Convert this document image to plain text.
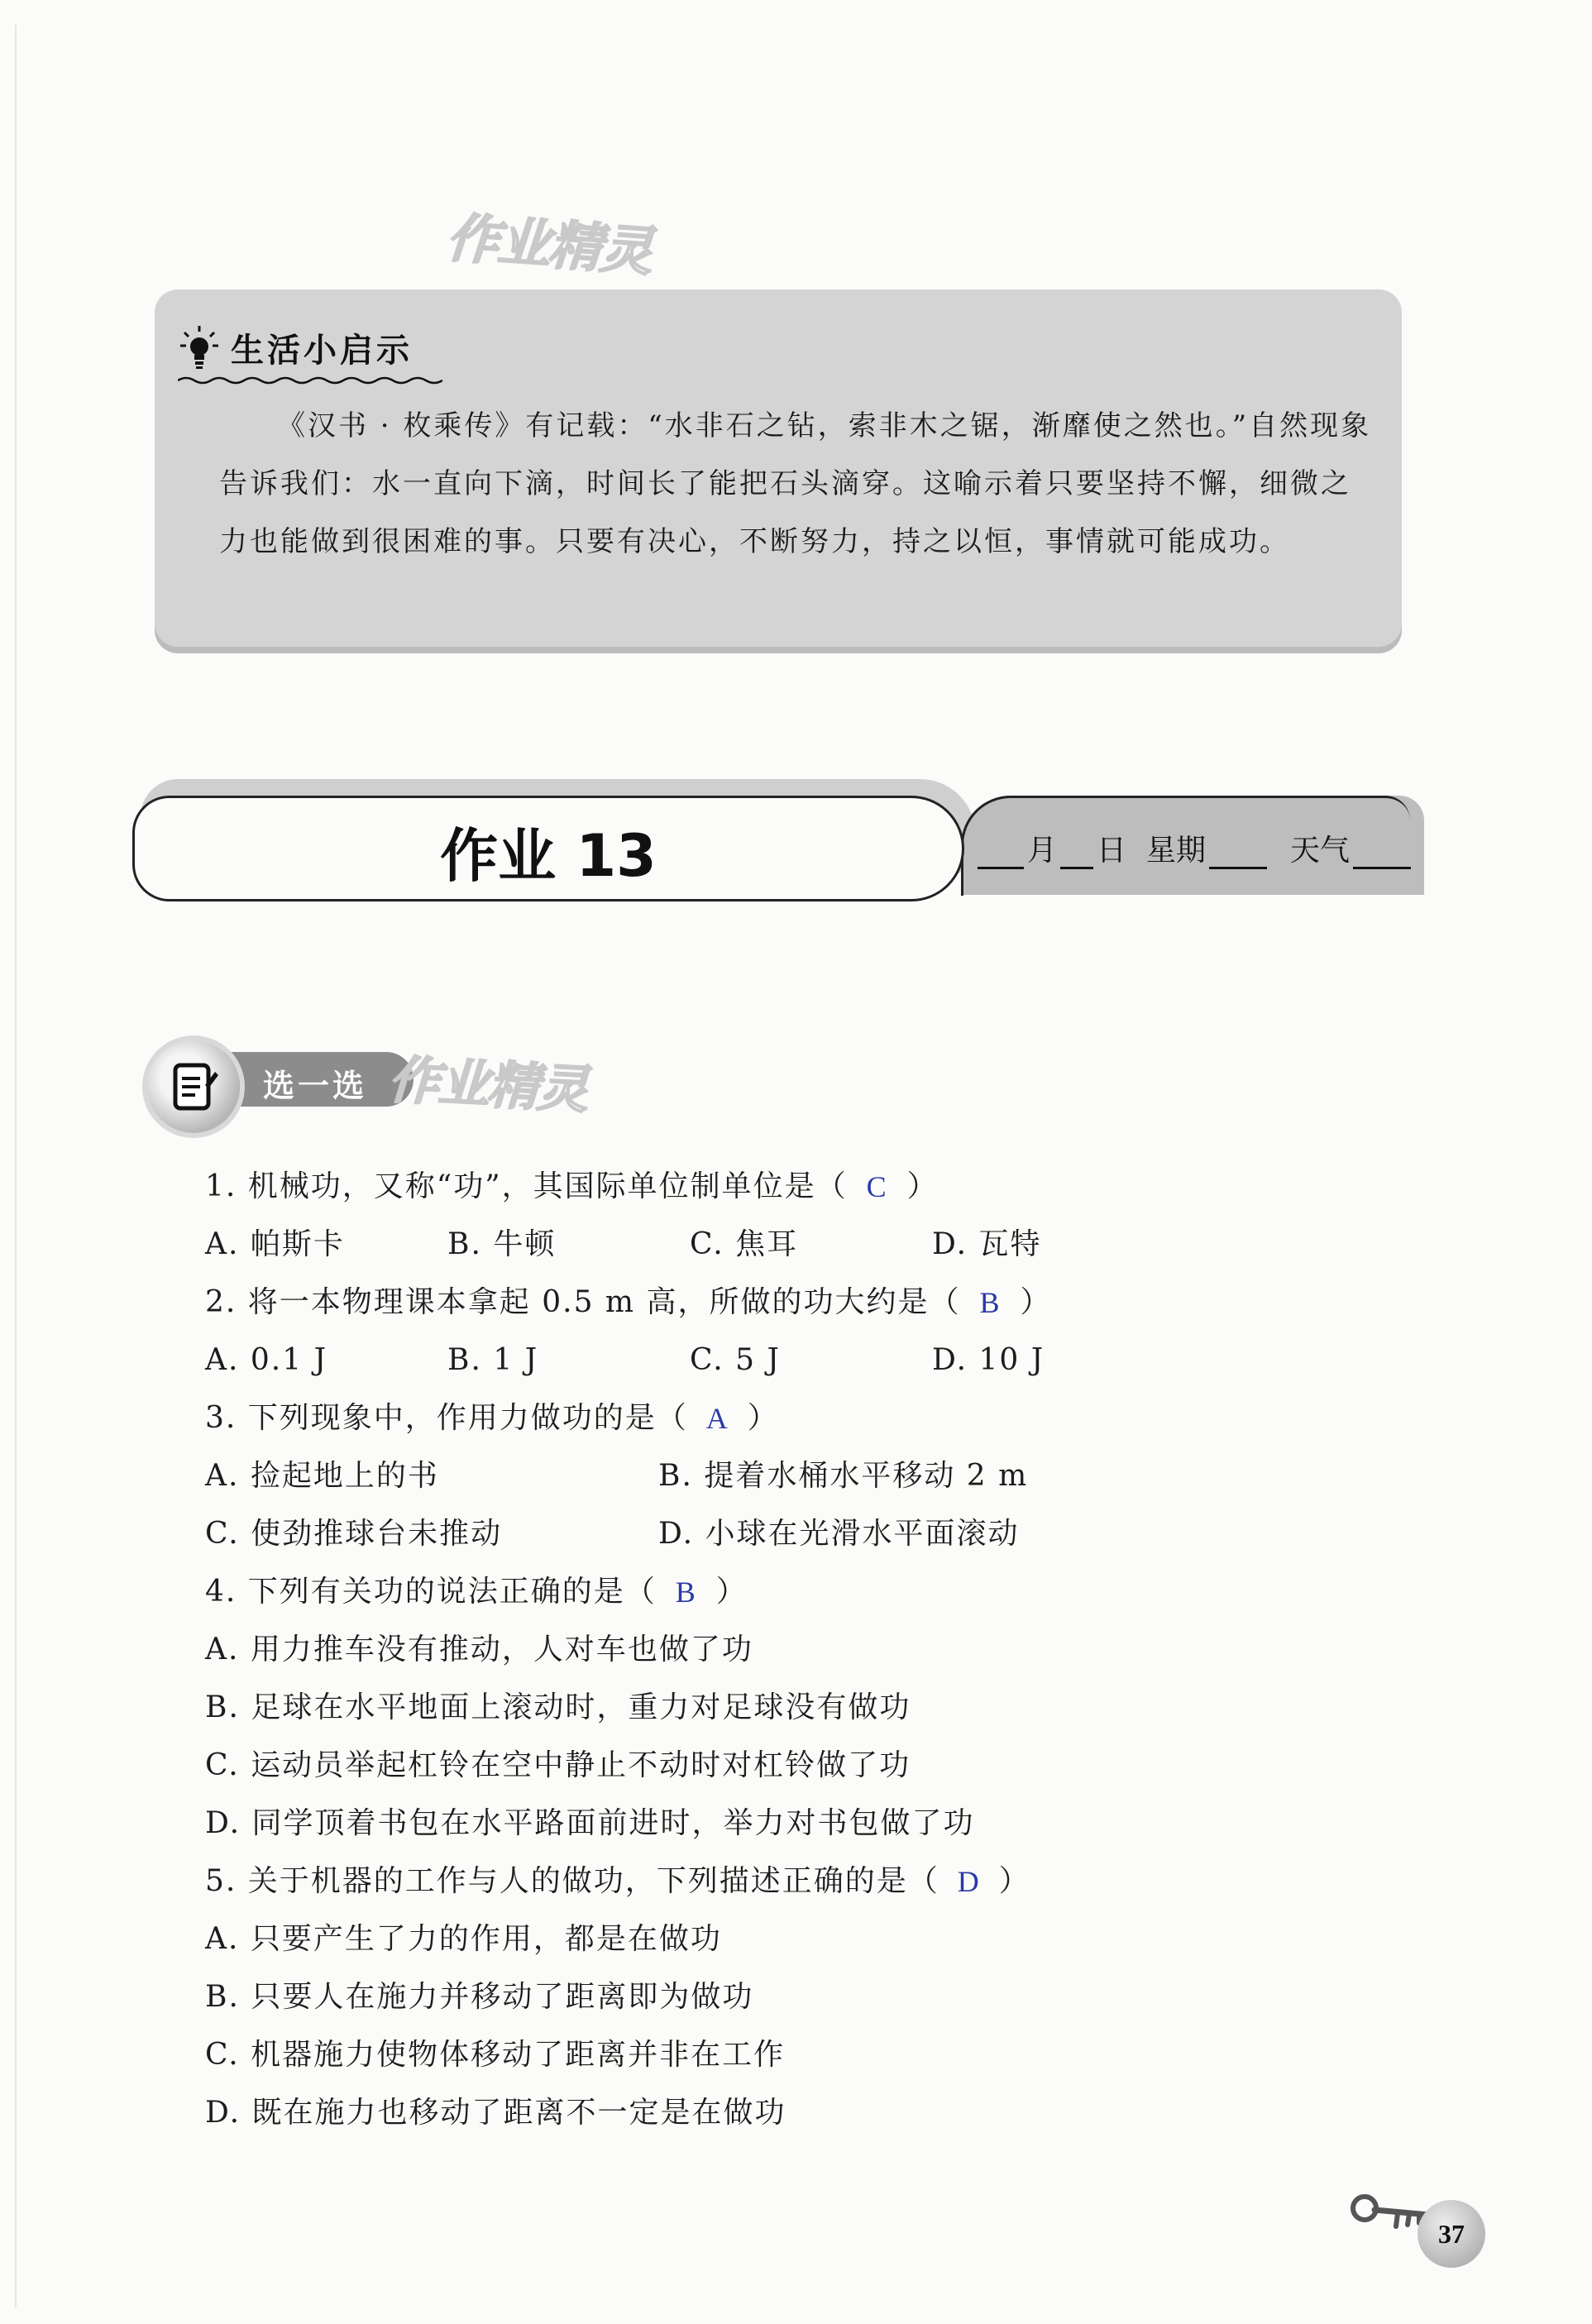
作业精灵
生活小启示
《汉书 · 枚乘传》有记载：“水非石之钻，索非木之锯，渐靡使之然也。”自然现象告诉我们：水一直向下滴，时间长了能把石头滴穿。这喻示着只要坚持不懈，细微之力也能做到很困难的事。只要有决心，不断努力，持之以恒，事情就可能成功。
作业 13	月 日 星期	天气
选一选 作业精灵
1. 机械功，又称“功”，其国际单位制单位是（ C ）
A. 帕斯卡	B. 牛顿	C. 焦耳	D. 瓦特
2. 将一本物理课本拿起 0.5 m 高，所做的功大约是（ B ）
A. 0.1 J	B. 1 J	C. 5 J	D. 10 J
3. 下列现象中，作用力做功的是（ A ）
A. 捡起地上的书	B. 提着水桶水平移动 2 m
C. 使劲推球台未推动	D. 小球在光滑水平面滚动
4. 下列有关功的说法正确的是（ B ）
A. 用力推车没有推动，人对车也做了功
B. 足球在水平地面上滚动时，重力对足球没有做功
C. 运动员举起杠铃在空中静止不动时对杠铃做了功
D. 同学顶着书包在水平路面前进时，举力对书包做了功
5. 关于机器的工作与人的做功，下列描述正确的是（ D ）
A. 只要产生了力的作用，都是在做功
B. 只要人在施力并移动了距离即为做功
C. 机器施力使物体移动了距离并非在工作
D. 既在施力也移动了距离不一定是在做功
37
